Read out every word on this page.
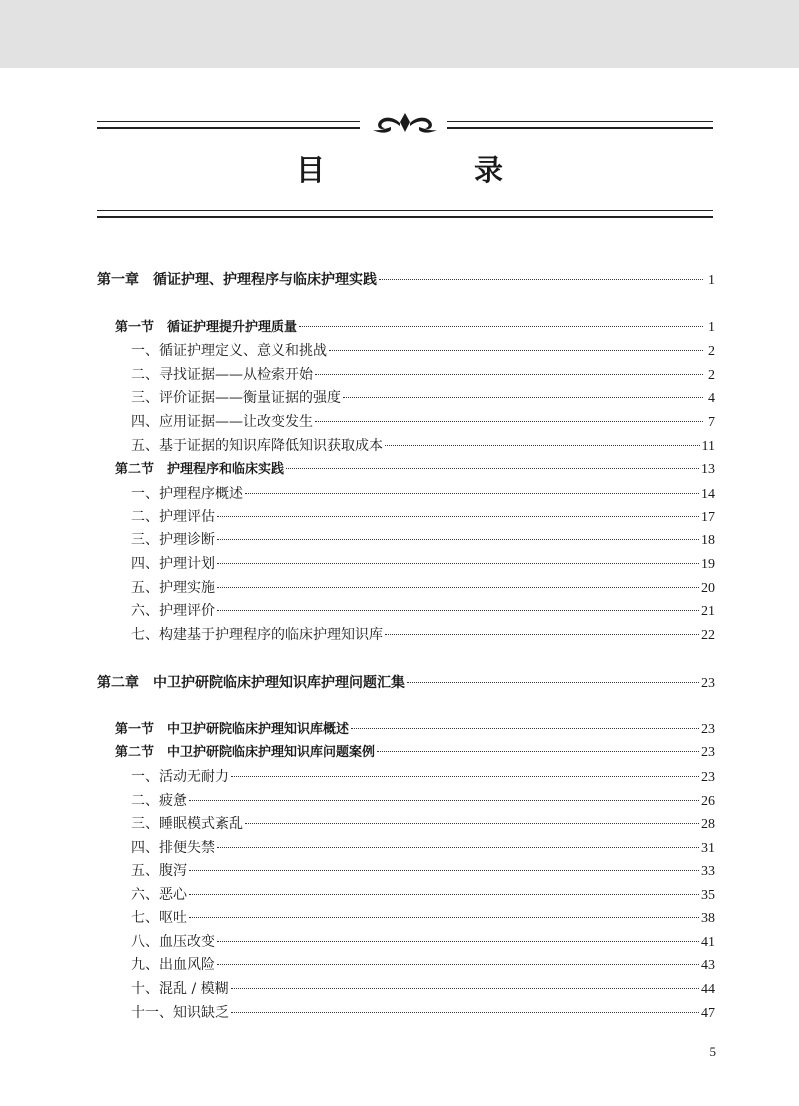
目　录
第一章　循证护理、护理程序与临床护理实践	1
第一节　循证护理提升护理质量	1
一、循证护理定义、意义和挑战	2
二、寻找证据——从检索开始	2
三、评价证据——衡量证据的强度	4
四、应用证据——让改变发生	7
五、基于证据的知识库降低知识获取成本	11
第二节　护理程序和临床实践	13
一、护理程序概述	14
二、护理评估	17
三、护理诊断	18
四、护理计划	19
五、护理实施	20
六、护理评价	21
七、构建基于护理程序的临床护理知识库	22
第二章　中卫护研院临床护理知识库护理问题汇集	23
第一节　中卫护研院临床护理知识库概述	23
第二节　中卫护研院临床护理知识库问题案例	23
一、活动无耐力	23
二、疲惫	26
三、睡眠模式紊乱	28
四、排便失禁	31
五、腹泻	33
六、恶心	35
七、呕吐	38
八、血压改变	41
九、出血风险	43
十、混乱 / 模糊	44
十一、知识缺乏	47
5
